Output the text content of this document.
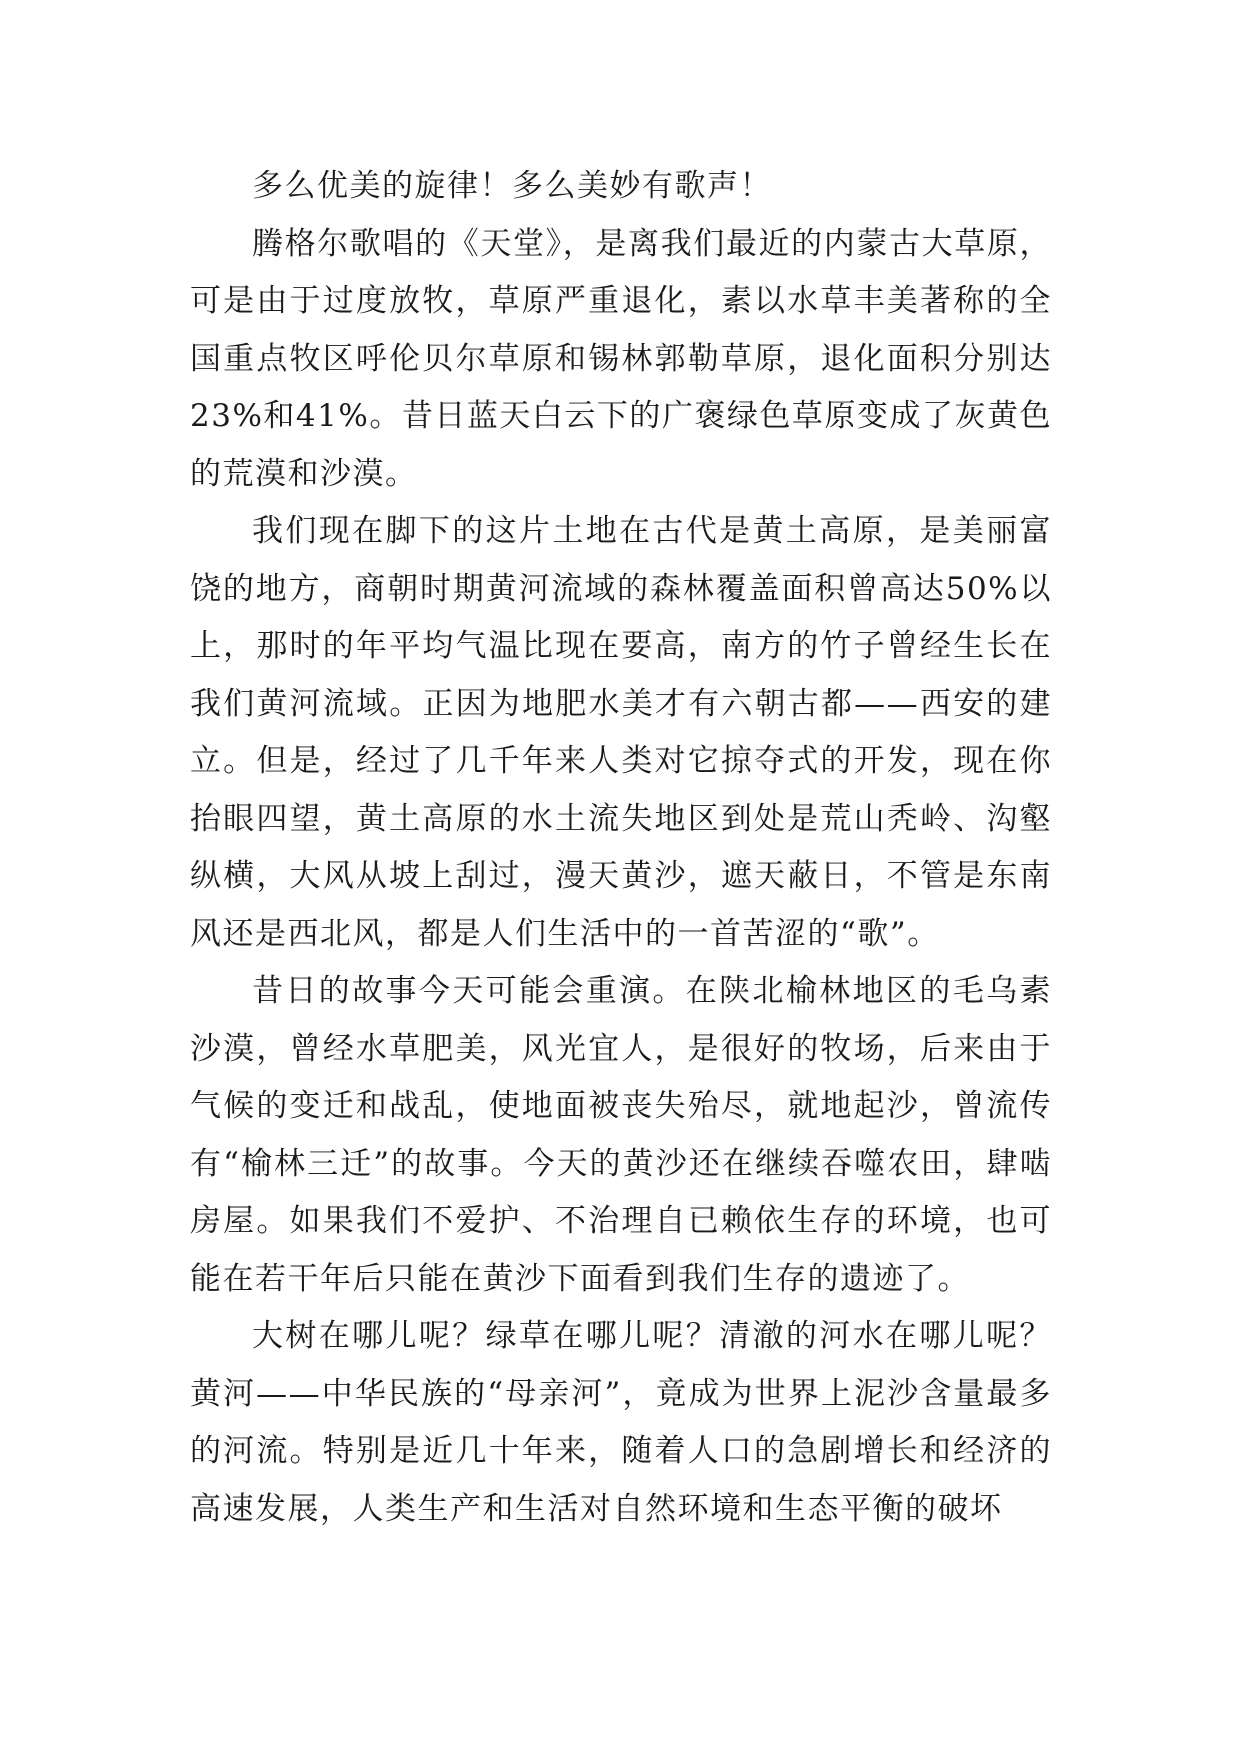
多么优美的旋律！多么美妙有歌声！

腾格尔歌唱的《天堂》，是离我们最近的内蒙古大草原，可是由于过度放牧，草原严重退化，素以水草丰美著称的全国重点牧区呼伦贝尔草原和锡林郭勒草原，退化面积分别达23%和41%。昔日蓝天白云下的广褒绿色草原变成了灰黄色的荒漠和沙漠。

我们现在脚下的这片土地在古代是黄土高原，是美丽富饶的地方，商朝时期黄河流域的森林覆盖面积曾高达50%以上，那时的年平均气温比现在要高，南方的竹子曾经生长在我们黄河流域。正因为地肥水美才有六朝古都——西安的建立。但是，经过了几千年来人类对它掠夺式的开发，现在你抬眼四望，黄土高原的水土流失地区到处是荒山秃岭、沟壑纵横，大风从坡上刮过，漫天黄沙，遮天蔽日，不管是东南风还是西北风，都是人们生活中的一首苦涩的“歌”。

昔日的故事今天可能会重演。在陕北榆林地区的毛乌素沙漠，曾经水草肥美，风光宜人，是很好的牧场，后来由于气候的变迁和战乱，使地面被丧失殆尽，就地起沙，曾流传有“榆林三迁”的故事。今天的黄沙还在继续吞噬农田，肆啮房屋。如果我们不爱护、不治理自已赖依生存的环境，也可能在若干年后只能在黄沙下面看到我们生存的遗迹了。

大树在哪儿呢？绿草在哪儿呢？清澈的河水在哪儿呢？黄河——中华民族的“母亲河”，竟成为世界上泥沙含量最多的河流。特别是近几十年来，随着人口的急剧增长和经济的高速发展，人类生产和生活对自然环境和生态平衡的破坏
